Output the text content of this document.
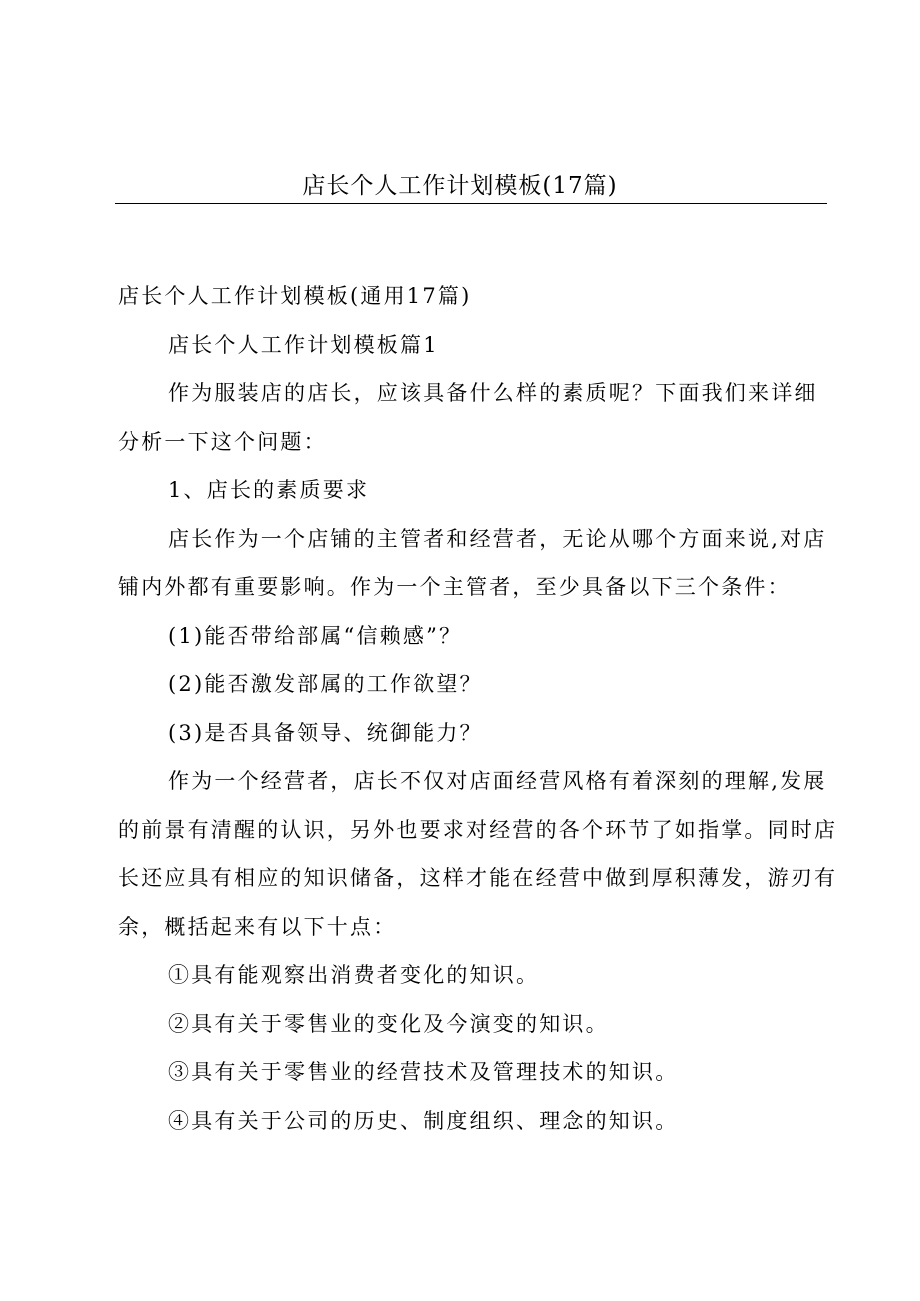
店长个人工作计划模板(17篇)

店长个人工作计划模板(通用17篇)

店长个人工作计划模板篇1

作为服装店的店长，应该具备什么样的素质呢？下面我们来详细
分析一下这个问题：

1、店长的素质要求

店长作为一个店铺的主管者和经营者，无论从哪个方面来说,对店
铺内外都有重要影响。作为一个主管者，至少具备以下三个条件：

(1)能否带给部属“信赖感”？

(2)能否激发部属的工作欲望？

(3)是否具备领导、统御能力？

作为一个经营者，店长不仅对店面经营风格有着深刻的理解,发展
的前景有清醒的认识，另外也要求对经营的各个环节了如指掌。同时店
长还应具有相应的知识储备，这样才能在经营中做到厚积薄发，游刃有
余，概括起来有以下十点：

①具有能观察出消费者变化的知识。

②具有关于零售业的变化及今演变的知识。

③具有关于零售业的经营技术及管理技术的知识。

④具有关于公司的历史、制度组织、理念的知识。
